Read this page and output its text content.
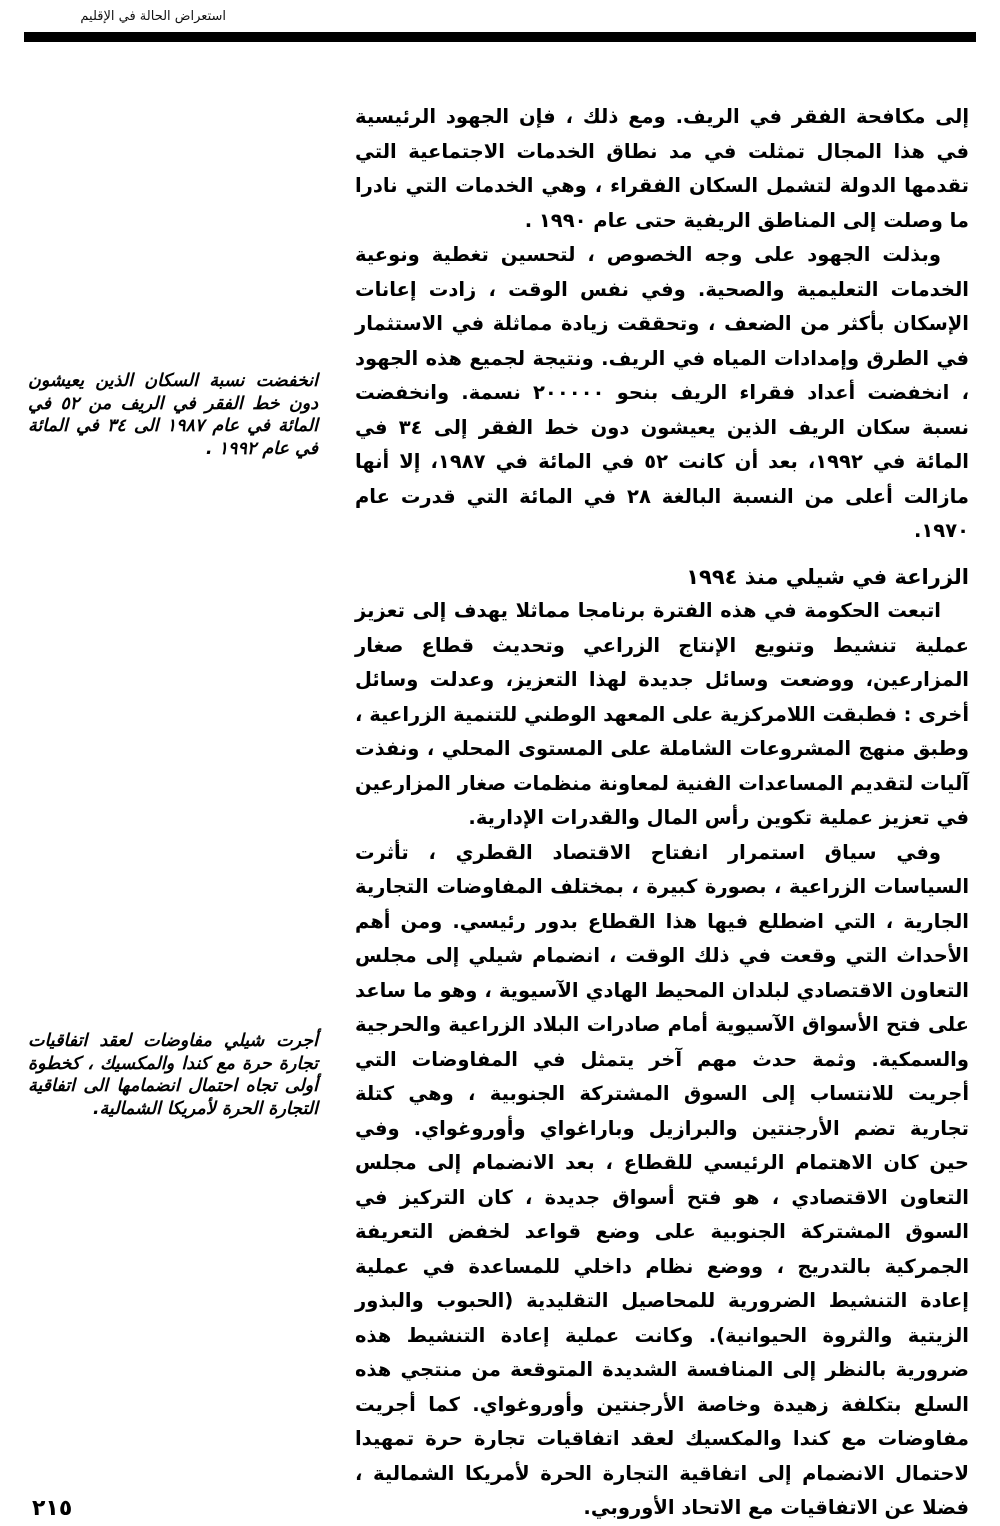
استعراض الحالة في الإقليم

إلى مكافحة الفقر في الريف. ومع ذلك ، فإن الجهود الرئيسية في هذا المجال تمثلت في مد نطاق الخدمات الاجتماعية التي تقدمها الدولة لتشمل السكان الفقراء ، وهي الخدمات التي نادرا ما وصلت إلى المناطق الريفية حتى عام ١٩٩٠ .

وبذلت الجهود على وجه الخصوص ، لتحسين تغطية ونوعية الخدمات التعليمية والصحية. وفي نفس الوقت ، زادت إعانات الإسكان بأكثر من الضعف ، وتحققت زيادة مماثلة في الاستثمار في الطرق وإمدادات المياه في الريف. ونتيجة لجميع هذه الجهود ، انخفضت أعداد فقراء الريف بنحو ٢٠٠٠٠٠ نسمة. وانخفضت نسبة سكان الريف الذين يعيشون دون خط الفقر إلى ٣٤ في المائة في ١٩٩٢، بعد أن كانت ٥٢ في المائة في ١٩٨٧، إلا أنها مازالت أعلى من النسبة البالغة ٢٨ في المائة التي قدرت عام ١٩٧٠.

انخفضت نسبة السكان الذين يعيشون دون خط الفقر في الريف من ٥٢ في المائة في عام ١٩٨٧ الى ٣٤ في المائة في عام ١٩٩٢ .
الزراعة في شيلي منذ ١٩٩٤

اتبعت الحكومة في هذه الفترة برنامجا مماثلا يهدف إلى تعزيز عملية تنشيط وتنويع الإنتاج الزراعي وتحديث قطاع صغار المزارعين، ووضعت وسائل جديدة لهذا التعزيز، وعدلت وسائل أخرى : فطبقت اللامركزية على المعهد الوطني للتنمية الزراعية ، وطبق منهج المشروعات الشاملة على المستوى المحلي ، ونفذت آليات لتقديم المساعدات الفنية لمعاونة منظمات صغار المزارعين في تعزيز عملية تكوين رأس المال والقدرات الإدارية.

وفي سياق استمرار انفتاح الاقتصاد القطري ، تأثرت السياسات الزراعية ، بصورة كبيرة ، بمختلف المفاوضات التجارية الجارية ، التي اضطلع فيها هذا القطاع بدور رئيسي. ومن أهم الأحداث التي وقعت في ذلك الوقت ، انضمام شيلي إلى مجلس التعاون الاقتصادي لبلدان المحيط الهادي الآسيوية ، وهو ما ساعد على فتح الأسواق الآسيوية أمام صادرات البلاد الزراعية والحرجية والسمكية. وثمة حدث مهم آخر يتمثل في المفاوضات التي أجريت للانتساب إلى السوق المشتركة الجنوبية ، وهي كتلة تجارية تضم الأرجنتين والبرازيل وباراغواي وأوروغواي. وفي حين كان الاهتمام الرئيسي للقطاع ، بعد الانضمام إلى مجلس التعاون الاقتصادي ، هو فتح أسواق جديدة ، كان التركيز في السوق المشتركة الجنوبية على وضع قواعد لخفض التعريفة الجمركية بالتدريج ، ووضع نظام داخلي للمساعدة في عملية إعادة التنشيط الضرورية للمحاصيل التقليدية (الحبوب والبذور الزيتية والثروة الحيوانية). وكانت عملية إعادة التنشيط هذه ضرورية بالنظر إلى المنافسة الشديدة المتوقعة من منتجي هذه السلع بتكلفة زهيدة وخاصة الأرجنتين وأوروغواي. كما أجريت مفاوضات مع كندا والمكسيك لعقد اتفاقيات تجارة حرة تمهيدا لاحتمال الانضمام إلى اتفاقية التجارة الحرة لأمريكا الشمالية ، فضلا عن الاتفاقيات مع الاتحاد الأوروبي.

أجرت شيلي مفاوضات لعقد اتفاقيات تجارة حرة مع كندا والمكسيك ، كخطوة أولى تجاه احتمال انضمامها الى اتفاقية التجارة الحرة لأمريكا الشمالية.
٢١٥
